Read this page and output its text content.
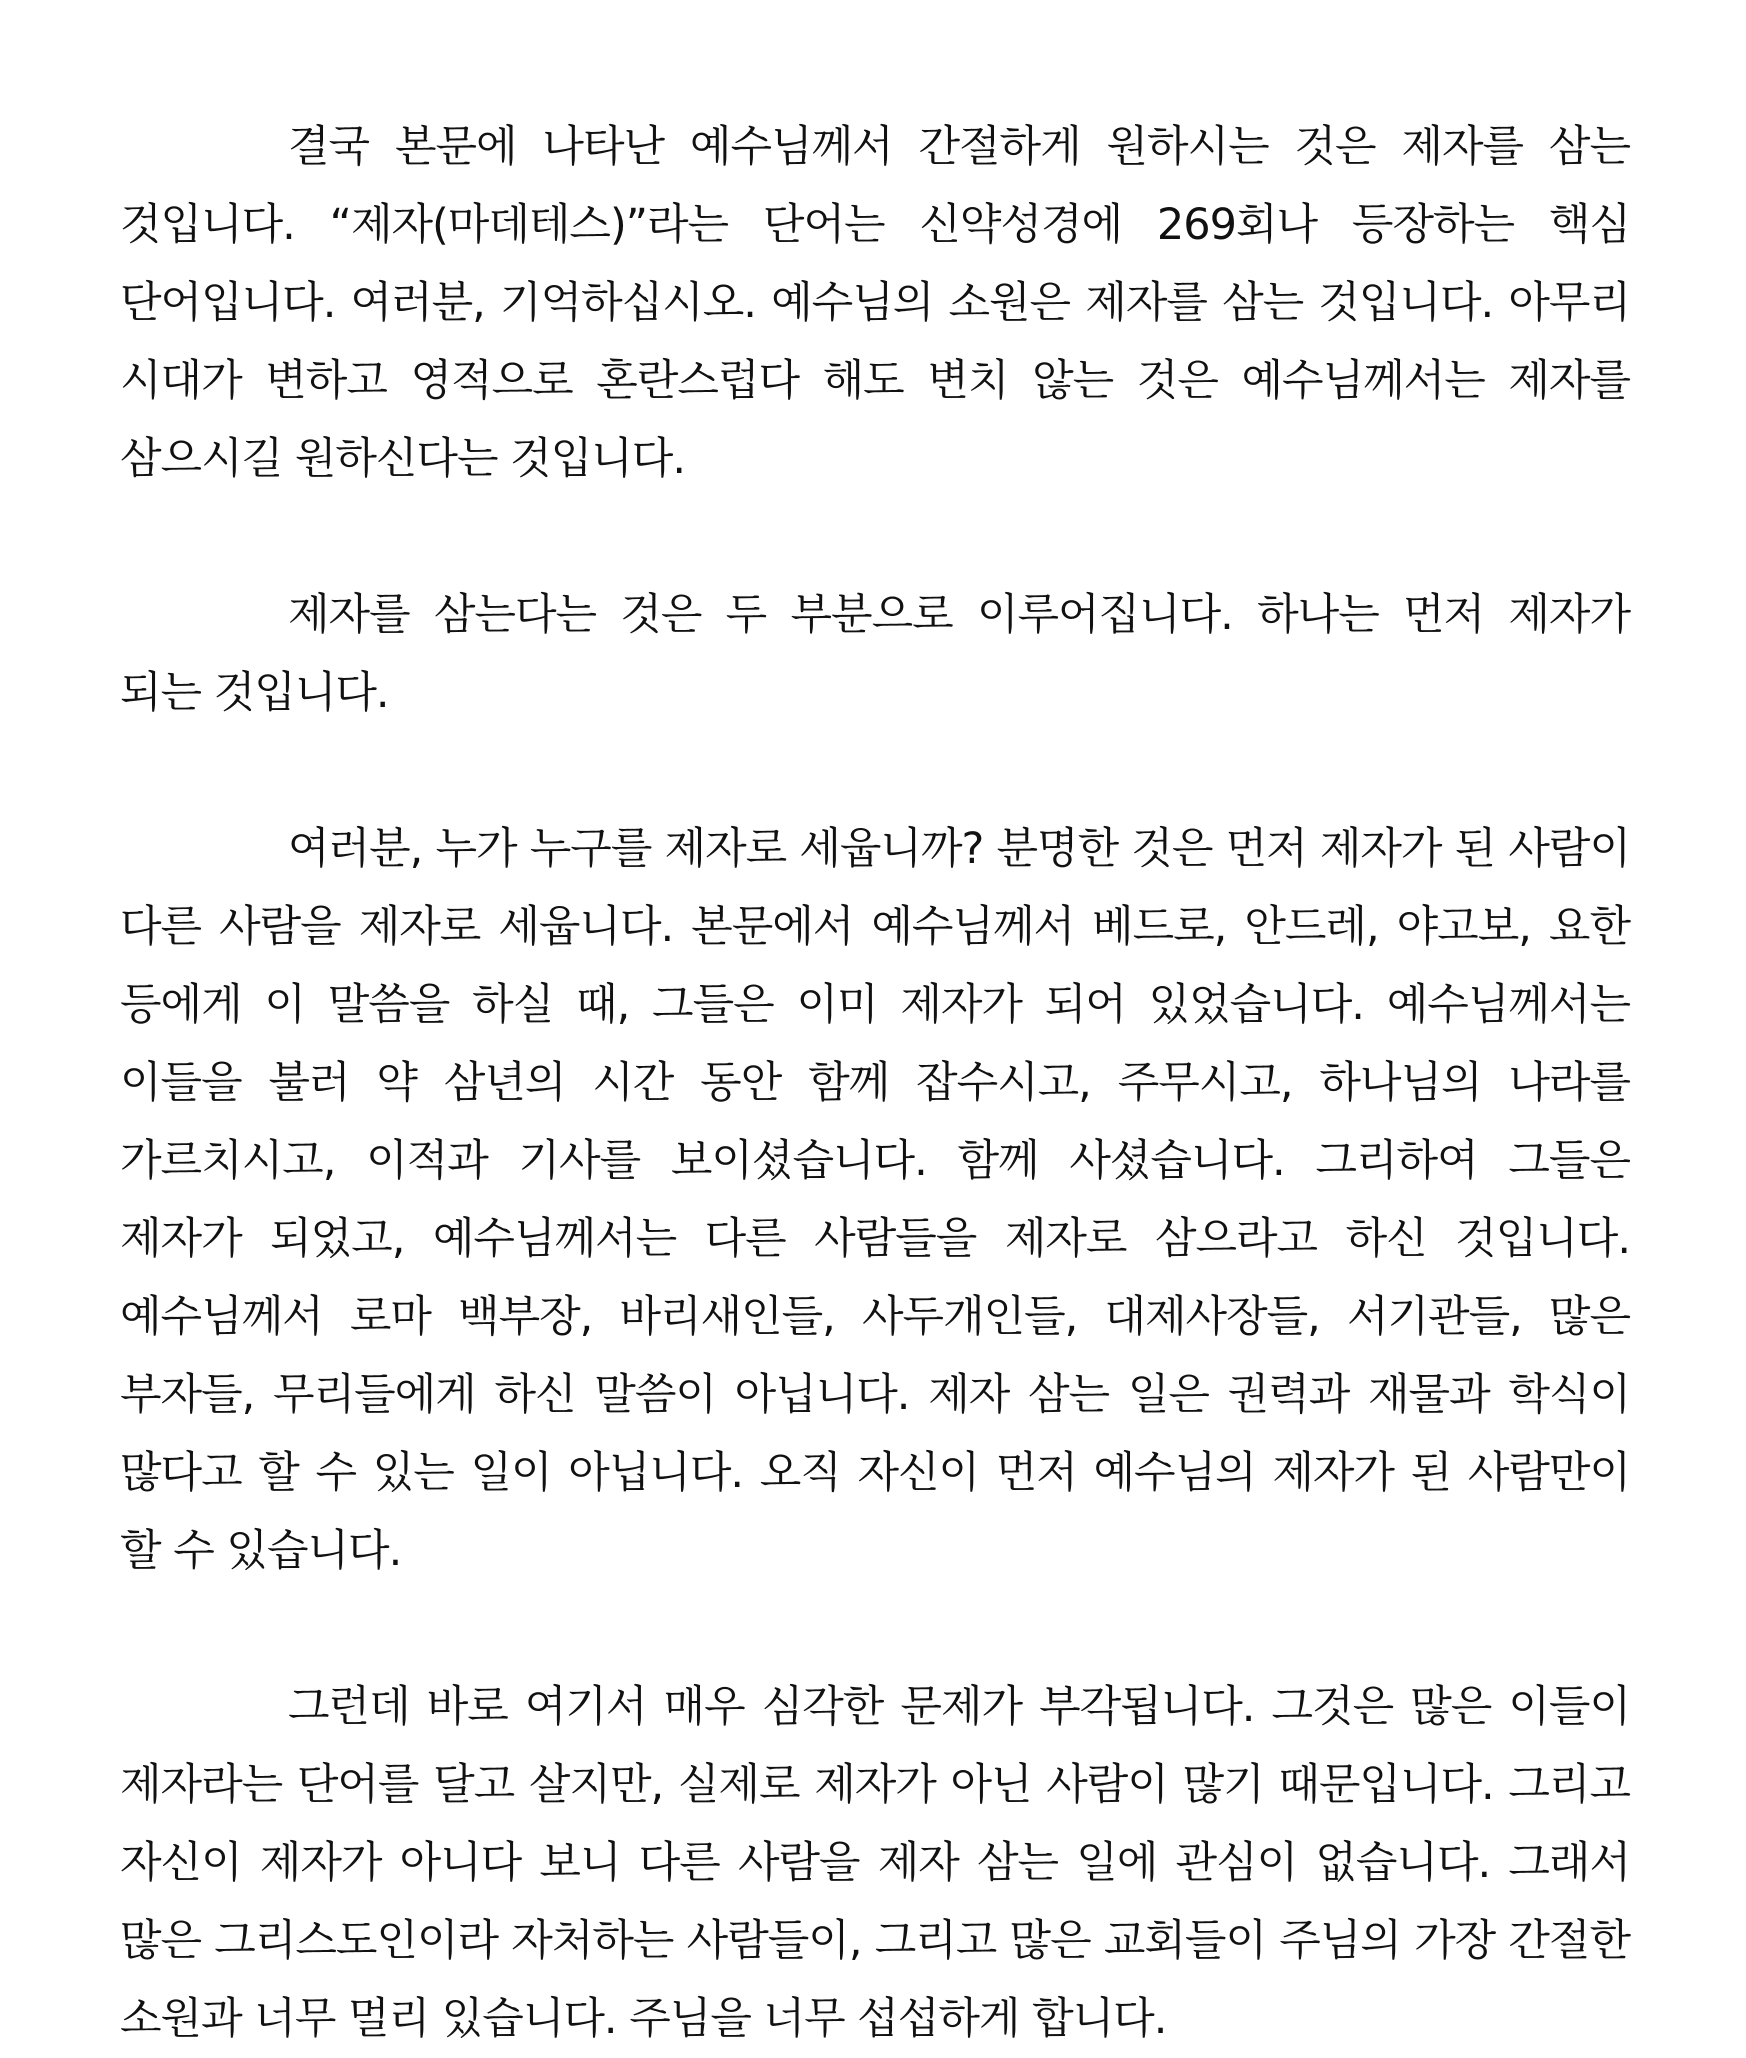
결국 본문에 나타난 예수님께서 간절하게 원하시는 것은 제자를 삼는 것입니다. “제자(마데테스)”라는 단어는 신약성경에 269회나 등장하는 핵심 단어입니다. 여러분, 기억하십시오. 예수님의 소원은 제자를 삼는 것입니다. 아무리 시대가 변하고 영적으로 혼란스럽다 해도 변치 않는 것은 예수님께서는 제자를 삼으시길 원하신다는 것입니다.

제자를 삼는다는 것은 두 부분으로 이루어집니다. 하나는 먼저 제자가 되는 것입니다.

여러분, 누가 누구를 제자로 세웁니까? 분명한 것은 먼저 제자가 된 사람이 다른 사람을 제자로 세웁니다. 본문에서 예수님께서 베드로, 안드레, 야고보, 요한 등에게 이 말씀을 하실 때, 그들은 이미 제자가 되어 있었습니다. 예수님께서는 이들을 불러 약 삼년의 시간 동안 함께 잡수시고, 주무시고, 하나님의 나라를 가르치시고, 이적과 기사를 보이셨습니다. 함께 사셨습니다. 그리하여 그들은 제자가 되었고, 예수님께서는 다른 사람들을 제자로 삼으라고 하신 것입니다. 예수님께서 로마 백부장, 바리새인들, 사두개인들, 대제사장들, 서기관들, 많은 부자들, 무리들에게 하신 말씀이 아닙니다. 제자 삼는 일은 권력과 재물과 학식이 많다고 할 수 있는 일이 아닙니다. 오직 자신이 먼저 예수님의 제자가 된 사람만이 할 수 있습니다.

그런데 바로 여기서 매우 심각한 문제가 부각됩니다. 그것은 많은 이들이 제자라는 단어를 달고 살지만, 실제로 제자가 아닌 사람이 많기 때문입니다. 그리고 자신이 제자가 아니다 보니 다른 사람을 제자 삼는 일에 관심이 없습니다. 그래서 많은 그리스도인이라 자처하는 사람들이, 그리고 많은 교회들이 주님의 가장 간절한 소원과 너무 멀리 있습니다. 주님을 너무 섭섭하게 합니다.
